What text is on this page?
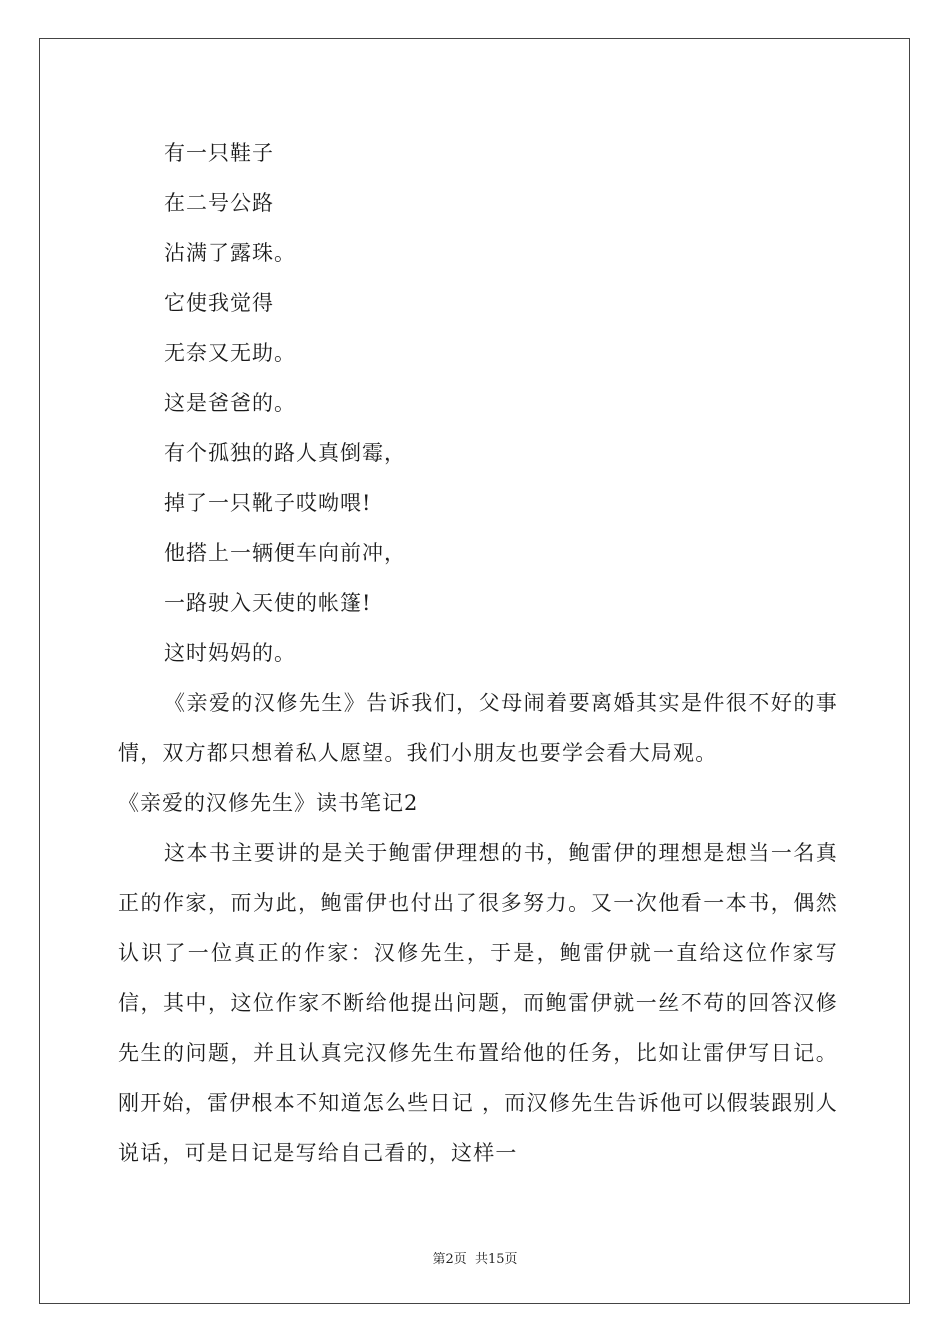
有一只鞋子
在二号公路
沾满了露珠。
它使我觉得
无奈又无助。
这是爸爸的。
有个孤独的路人真倒霉，
掉了一只靴子哎呦喂!
他搭上一辆便车向前冲，
一路驶入天使的帐篷!
这时妈妈的。

《亲爱的汉修先生》告诉我们，父母闹着要离婚其实是件很不好的事情，双方都只想着私人愿望。我们小朋友也要学会看大局观。

《亲爱的汉修先生》读书笔记2

这本书主要讲的是关于鲍雷伊理想的书，鲍雷伊的理想是想当一名真正的作家，而为此，鲍雷伊也付出了很多努力。又一次他看一本书，偶然认识了一位真正的作家：汉修先生，于是，鲍雷伊就一直给这位作家写信，其中，这位作家不断给他提出问题，而鲍雷伊就一丝不苟的回答汉修先生的问题，并且认真完汉修先生布置给他的任务，比如让雷伊写日记。刚开始，雷伊根本不知道怎么些日记 ，而汉修先生告诉他可以假装跟别人说话，可是日记是写给自己看的，这样一

第2页 共15页
